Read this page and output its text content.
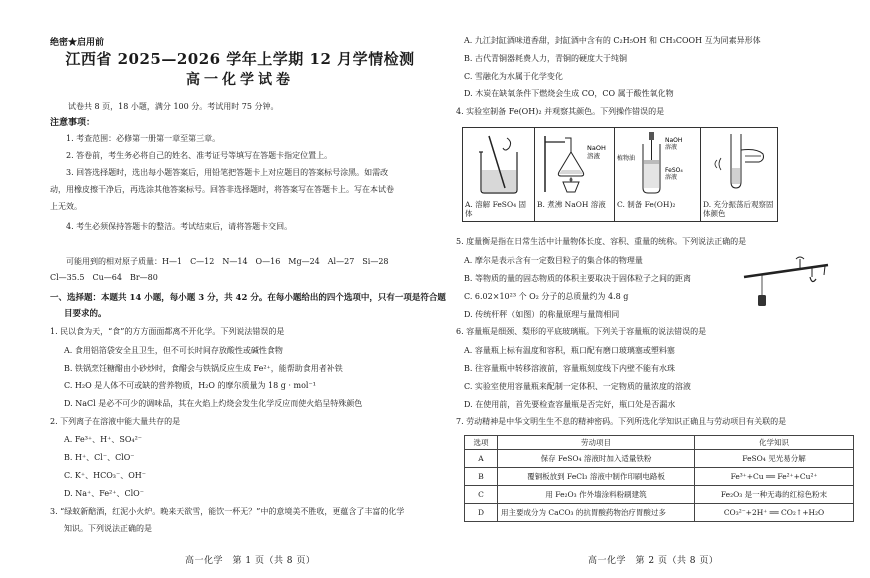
绝密★启用前
江西省 2025—2026 学年上学期 12 月学情检测
高一化学试卷
试卷共 8 页，18 小题，满分 100 分。考试用时 75 分钟。
注意事项：
1. 考查范围：必修第一册第一章至第三章。
2. 答卷前，考生务必将自己的姓名、准考证号等填写在答题卡指定位置上。
3. 回答选择题时，选出每小题答案后，用铅笔把答题卡上对应题目的答案标号涂黑。如需改
动，用橡皮擦干净后，再选涂其他答案标号。回答非选择题时，将答案写在答题卡上。写在本试卷
上无效。
4. 考生必须保持答题卡的整洁。考试结束后，请将答题卡交回。
可能用到的相对原子质量：H—1　C—12　N—14　O—16　Mg—24　Al—27　Si—28
Cl—35.5　Cu—64　Br—80
一、选择题：本题共 14 小题，每小题 3 分，共 42 分。在每小题给出的四个选项中，只有一项是符合题
目要求的。
1. 民以食为天，“食”的方方面面都离不开化学。下列说法错误的是
A. 食用铝箔袋安全且卫生，但不可长时间存放酸性或碱性食物
B. 铁锅烹饪糖醋由小砂炒时，食醋会与铁锅反应生成 Fe²⁺，能帮助食用者补铁
C. H₂O 是人体不可或缺的营养物质，H₂O 的摩尔质量为 18 g · mol⁻¹
D. NaCl 是必不可少的调味品，其在火焰上灼烧会发生化学反应而使火焰呈特殊颜色
2. 下列离子在溶液中能大量共存的是
A. Fe³⁺、H⁺、SO₄²⁻
B. H⁺、Cl⁻、ClO⁻
C. K⁺、HCO₃⁻、OH⁻
D. Na⁺、Fe²⁺、ClO⁻
3. “绿蚁新醅酒，红泥小火炉。晚来天欲雪，能饮一杯无？”中的意境美不胜收，更蕴含了丰富的化学
知识。下列说法正确的是
高一化学　第 1 页（共 8 页）
A. 九江封缸酒味道香甜，封缸酒中含有的 C₂H₅OH 和 CH₃COOH 互为同素异形体
B. 古代青铜器耗费人力，青铜的硬度大于纯铜
C. 雪融化为水属于化学变化
D. 木炭在缺氧条件下燃烧会生成 CO，CO 属于酸性氧化物
4. 实验室制备 Fe(OH)₂ 并观察其颜色。下列操作错误的是
A. 溶解 FeSO₄ 固体
NaOH
溶液
B. 煮沸 NaOH 溶液
植物油
NaOH
溶液
FeSO₄
溶液
C. 制备 Fe(OH)₂	D. 充分振荡后观察固体颜色
5. 度量衡是指在日常生活中计量物体长度、容积、重量的统称。下列说法正确的是
A. 摩尔是表示含有一定数目粒子的集合体的物理量
B. 等物质的量的固态物质的体积主要取决于固体粒子之间的距离
C. 6.02×10²³ 个 O₂ 分子的总质量约为 4.8 g
D. 传统杆秤（如图）的称量原理与量筒相同
6. 容量瓶是细颈、梨形的平底玻璃瓶。下列关于容量瓶的说法错误的是
A. 容量瓶上标有温度和容积，瓶口配有磨口玻璃塞或塑料塞
B. 往容量瓶中转移溶液前，容量瓶刻度线下内壁不能有水珠
C. 实验室使用容量瓶来配制一定体积、一定物质的量浓度的溶液
D. 在使用前，首先要检查容量瓶是否完好，瓶口处是否漏水
7. 劳动精神是中华文明生生不息的精神密码。下列所选化学知识正确且与劳动项目有关联的是
高一化学　第 2 页（共 8 页）
选项	劳动项目	化学知识
A	保存 FeSO₄ 溶液时加入适量铁粉	FeSO₄ 见光易分解
B	覆铜板放到 FeCl₃ 溶液中制作印刷电路板	Fe³⁺+Cu ══ Fe²⁺+Cu²⁺
C	用 Fe₂O₃ 作外墙涂料粉刷建筑	Fe₂O₃ 是一种无毒的红棕色粉末
D	用主要成分为 CaCO₃ 的抗胃酸药物治疗胃酸过多	CO₃²⁻+2H⁺ ══ CO₂↑+H₂O
